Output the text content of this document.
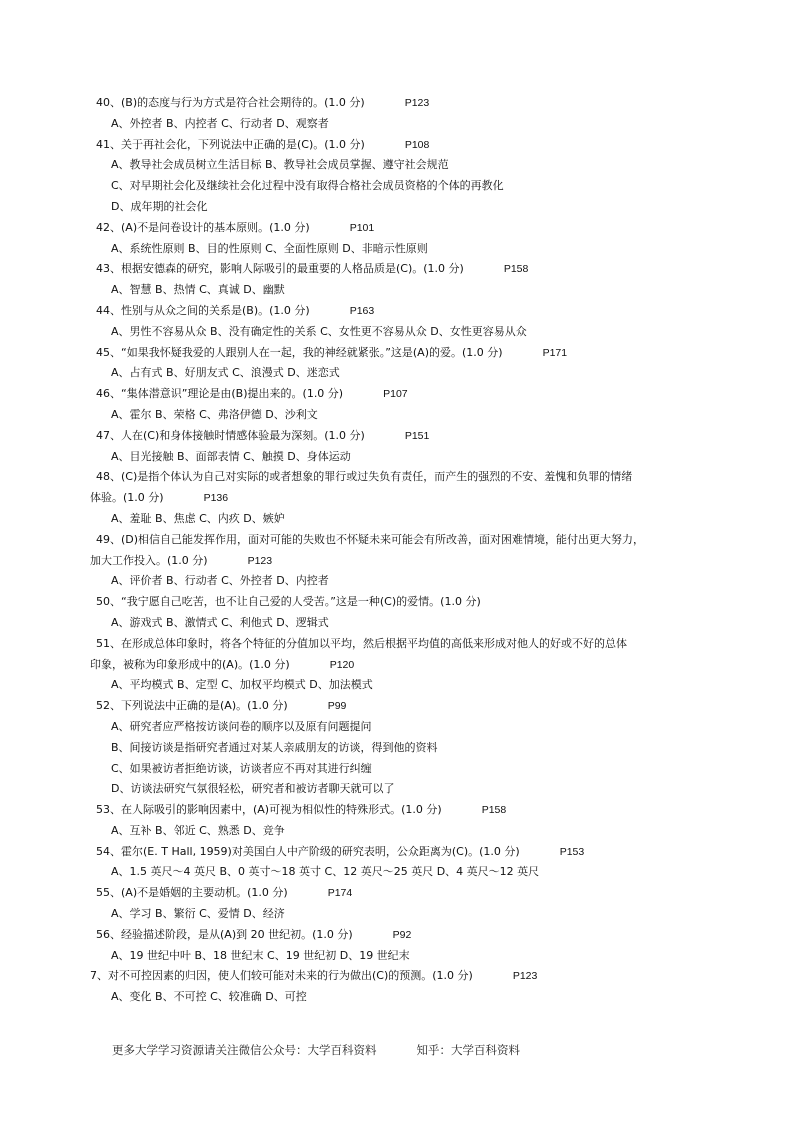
40、(B)的态度与行为方式是符合社会期待的。(1.0 分)	P123
A、外控者 B、内控者 C、行动者 D、观察者
41、关于再社会化，下列说法中正确的是(C)。(1.0 分)	P108
A、教导社会成员树立生活目标 B、教导社会成员掌握、遵守社会规范
C、对早期社会化及继续社会化过程中没有取得合格社会成员资格的个体的再教化
D、成年期的社会化
42、(A)不是问卷设计的基本原则。(1.0 分)	P101
A、系统性原则 B、目的性原则 C、全面性原则 D、非暗示性原则
43、根据安德森的研究，影响人际吸引的最重要的人格品质是(C)。(1.0 分)	P158
A、智慧 B、热情 C、真诚 D、幽默
44、性别与从众之间的关系是(B)。(1.0 分)	P163
A、男性不容易从众 B、没有确定性的关系 C、女性更不容易从众 D、女性更容易从众
45、“如果我怀疑我爱的人跟别人在一起，我的神经就紧张。”这是(A)的爱。(1.0 分)	P171
A、占有式 B、好朋友式 C、浪漫式 D、迷恋式
46、“集体潜意识”理论是由(B)提出来的。(1.0 分)	P107
A、霍尔 B、荣格 C、弗洛伊德 D、沙利文
47、人在(C)和身体接触时情感体验最为深刻。(1.0 分)	P151
A、目光接触 B、面部表情 C、触摸 D、身体运动
48、(C)是指个体认为自己对实际的或者想象的罪行或过失负有责任，而产生的强烈的不安、羞愧和负罪的情绪
体验。(1.0 分)	P136
A、羞耻 B、焦虑 C、内疚 D、嫉妒
49、(D)相信自己能发挥作用，面对可能的失败也不怀疑未来可能会有所改善，面对困难情境，能付出更大努力，
加大工作投入。(1.0 分)	P123
A、评价者 B、行动者 C、外控者 D、内控者
50、“我宁愿自己吃苦，也不让自己爱的人受苦。”这是一种(C)的爱情。(1.0 分)
A、游戏式 B、激情式 C、利他式 D、逻辑式
51、在形成总体印象时，将各个特征的分值加以平均，然后根据平均值的高低来形成对他人的好或不好的总体
印象，被称为印象形成中的(A)。(1.0 分)	P120
A、平均模式 B、定型 C、加权平均模式 D、加法模式
52、下列说法中正确的是(A)。(1.0 分)	P99
A、研究者应严格按访谈问卷的顺序以及原有问题提问
B、间接访谈是指研究者通过对某人亲戚朋友的访谈，得到他的资料
C、如果被访者拒绝访谈，访谈者应不再对其进行纠缠
D、访谈法研究气氛很轻松，研究者和被访者聊天就可以了
53、在人际吸引的影响因素中，(A)可视为相似性的特殊形式。(1.0 分)	P158
A、互补 B、邻近 C、熟悉 D、竞争
54、霍尔(E. T Hall, 1959)对美国白人中产阶级的研究表明，公众距离为(C)。(1.0 分)	P153
A、1.5 英尺～4 英尺 B、0 英寸～18 英寸 C、12 英尺～25 英尺 D、4 英尺～12 英尺
55、(A)不是婚姻的主要动机。(1.0 分)	P174
A、学习 B、繁衍 C、爱情 D、经济
56、经验描述阶段，是从(A)到 20 世纪初。(1.0 分)	P92
A、19 世纪中叶 B、18 世纪末 C、19 世纪初 D、19 世纪末
7、对不可控因素的归因，使人们较可能对未来的行为做出(C)的预测。(1.0 分)	P123
A、变化 B、不可控 C、较准确 D、可控
更多大学学习资源请关注微信公众号：大学百科资料	知乎：大学百科资料
